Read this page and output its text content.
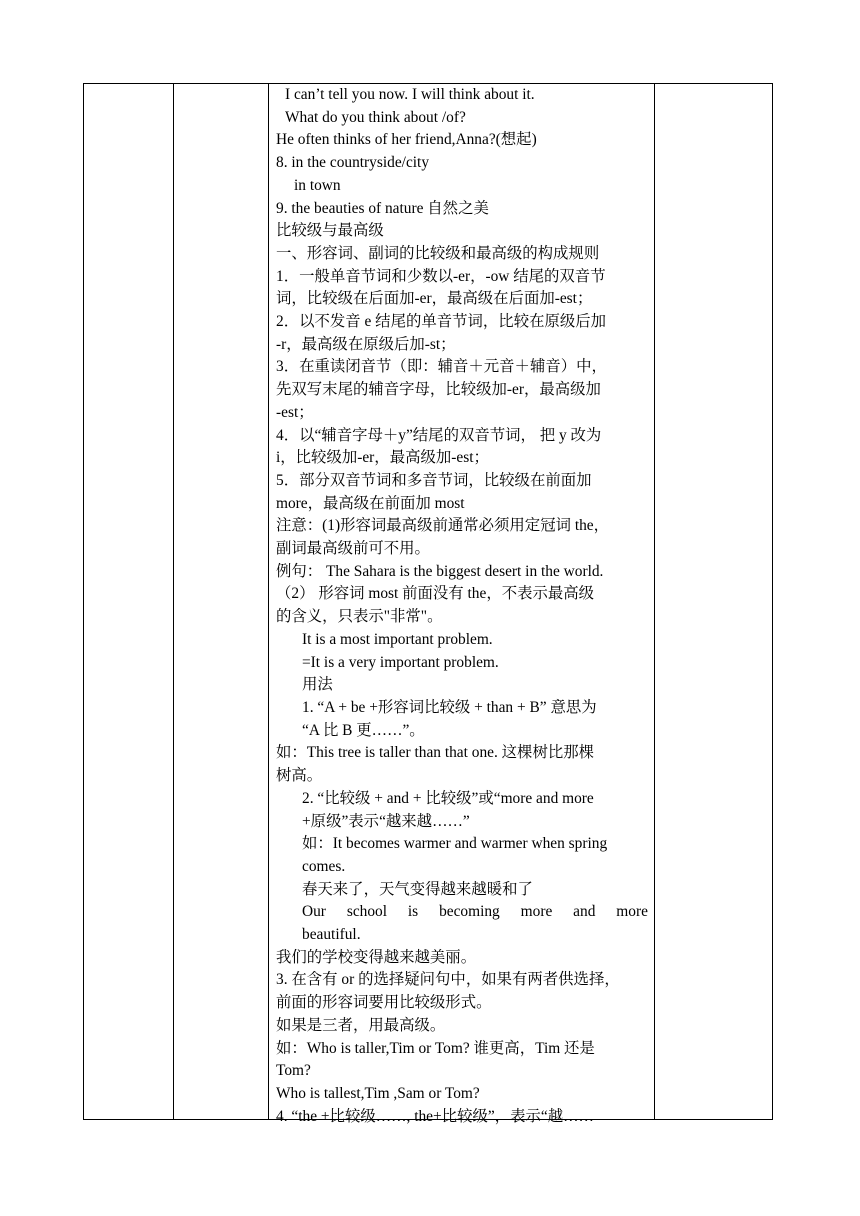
I can’t tell you now. I will think about it.
What do you think about /of?
He often thinks of her friend,Anna?(想起)
8. in the countryside/city
in town
9. the beauties of nature 自然之美
比较级与最高级
一、形容词、副词的比较级和最高级的构成规则
1．一般单音节词和少数以-er，-ow 结尾的双音节
词，比较级在后面加-er，最高级在后面加-est；
2．以不发音 e 结尾的单音节词，比较在原级后加
-r，最高级在原级后加-st；
3．在重读闭音节（即：辅音＋元音＋辅音）中，
先双写末尾的辅音字母，比较级加-er，最高级加
-est；
4．以“辅音字母＋y”结尾的双音节词， 把 y 改为
i，比较级加-er，最高级加-est；
5．部分双音节词和多音节词，比较级在前面加
more，最高级在前面加 most
注意：(1)形容词最高级前通常必须用定冠词 the，
副词最高级前可不用。
例句： The Sahara is the biggest desert in the world.
（2） 形容词 most 前面没有 the，不表示最高级
的含义，只表示"非常"。
It is a most important problem.
=It is a very important problem.
用法
1. “A + be +形容词比较级 + than + B” 意思为
“A 比 B 更……”。
如：This tree is taller than that one. 这棵树比那棵
树高。
2. “比较级 + and + 比较级”或“more and more
+原级”表示“越来越……”
如：It becomes warmer and warmer when spring
comes.
春天来了，天气变得越来越暖和了
Our school is becoming more and more
beautiful.
我们的学校变得越来越美丽。
3. 在含有 or 的选择疑问句中，如果有两者供选择，
前面的形容词要用比较级形式。
如果是三者，用最高级。
如：Who is taller,Tim or Tom? 谁更高，Tim 还是
Tom?
Who is tallest,Tim ,Sam or Tom?
4. “the +比较级……, the+比较级”，表示“越……
